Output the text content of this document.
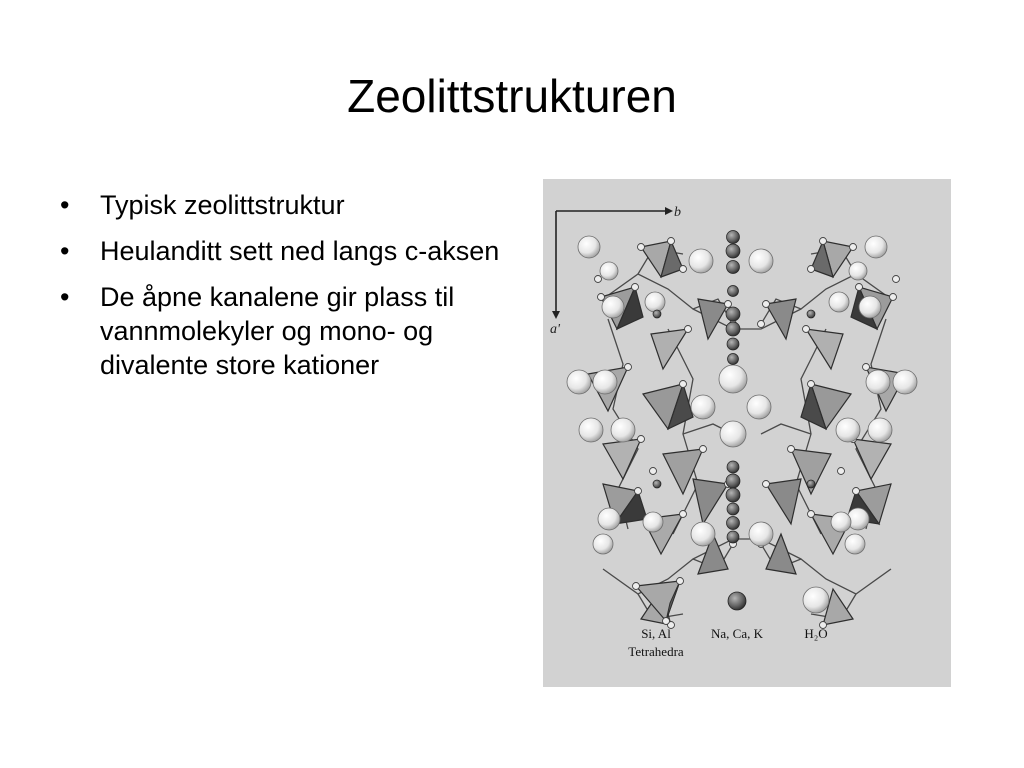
Zeolittstrukturen
•	Typisk zeolittstruktur
•	Heulanditt sett ned langs c-aksen
•	De åpne kanalene gir plass til vannmolekyler og mono- og divalente store kationer
b
a'
Si, Al
Tetrahedra
Na, Ca, K	H₂O
